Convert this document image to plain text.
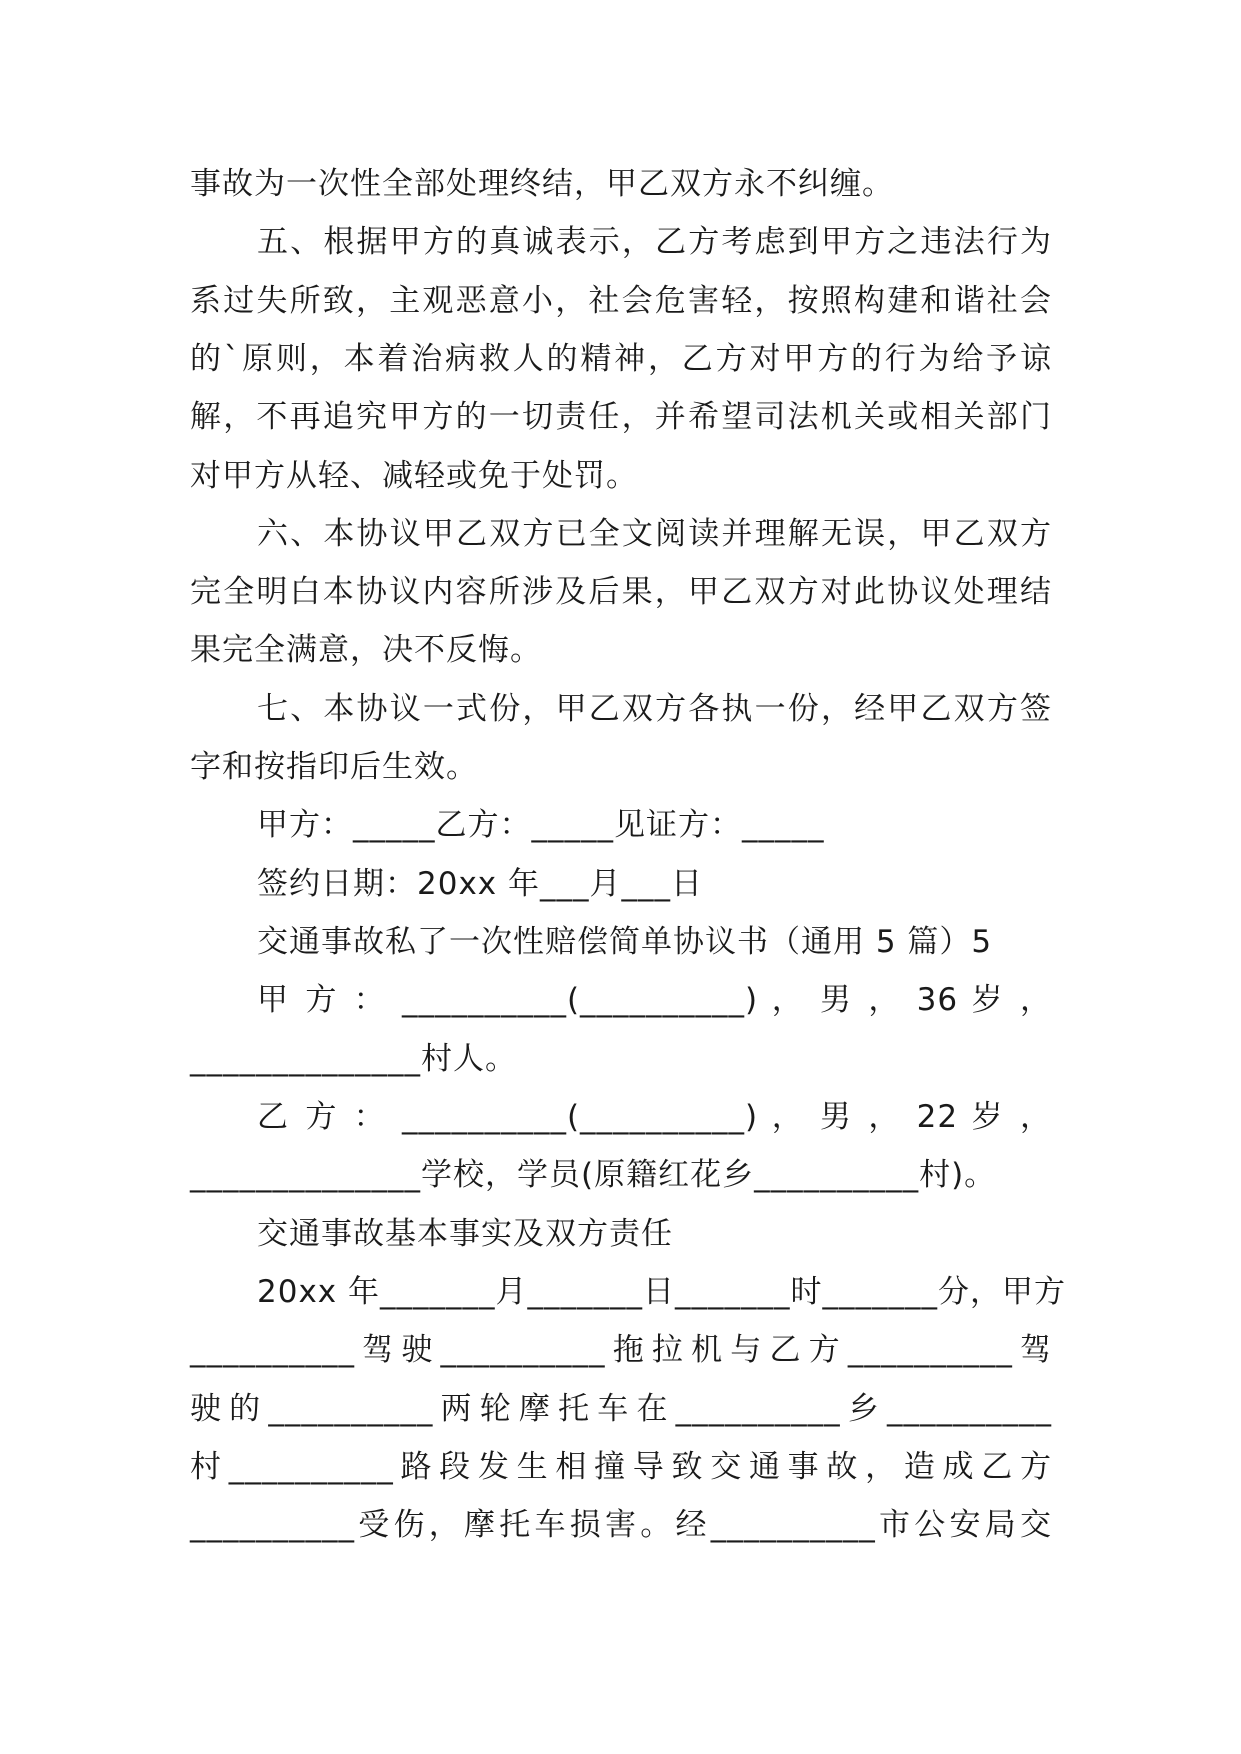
事故为一次性全部处理终结，甲乙双方永不纠缠。
五、根据甲方的真诚表示，乙方考虑到甲方之违法行为
系过失所致，主观恶意小，社会危害轻，按照构建和谐社会
的`原则，本着治病救人的精神，乙方对甲方的行为给予谅
解，不再追究甲方的一切责任，并希望司法机关或相关部门
对甲方从轻、减轻或免于处罚。
六、本协议甲乙双方已全文阅读并理解无误，甲乙双方
完全明白本协议内容所涉及后果，甲乙双方对此协议处理结
果完全满意，决不反悔。
七、本协议一式份，甲乙双方各执一份，经甲乙双方签
字和按指印后生效。
甲方：_____乙方：_____见证方：_____
签约日期：20xx 年___月___日
交通事故私了一次性赔偿简单协议书（通用 5 篇）5
甲 方 ： __________(__________) ， 男 ， 36 岁 ，
______________村人。
乙 方 ： __________(__________) ， 男 ， 22 岁 ，
______________学校，学员(原籍红花乡__________村)。
交通事故基本事实及双方责任
20xx 年_______月_______日_______时_______分，甲方
__________驾驶__________拖拉机与乙方__________驾
驶的__________两轮摩托车在__________乡__________
村__________路段发生相撞导致交通事故，造成乙方
__________受伤，摩托车损害。经__________市公安局交
